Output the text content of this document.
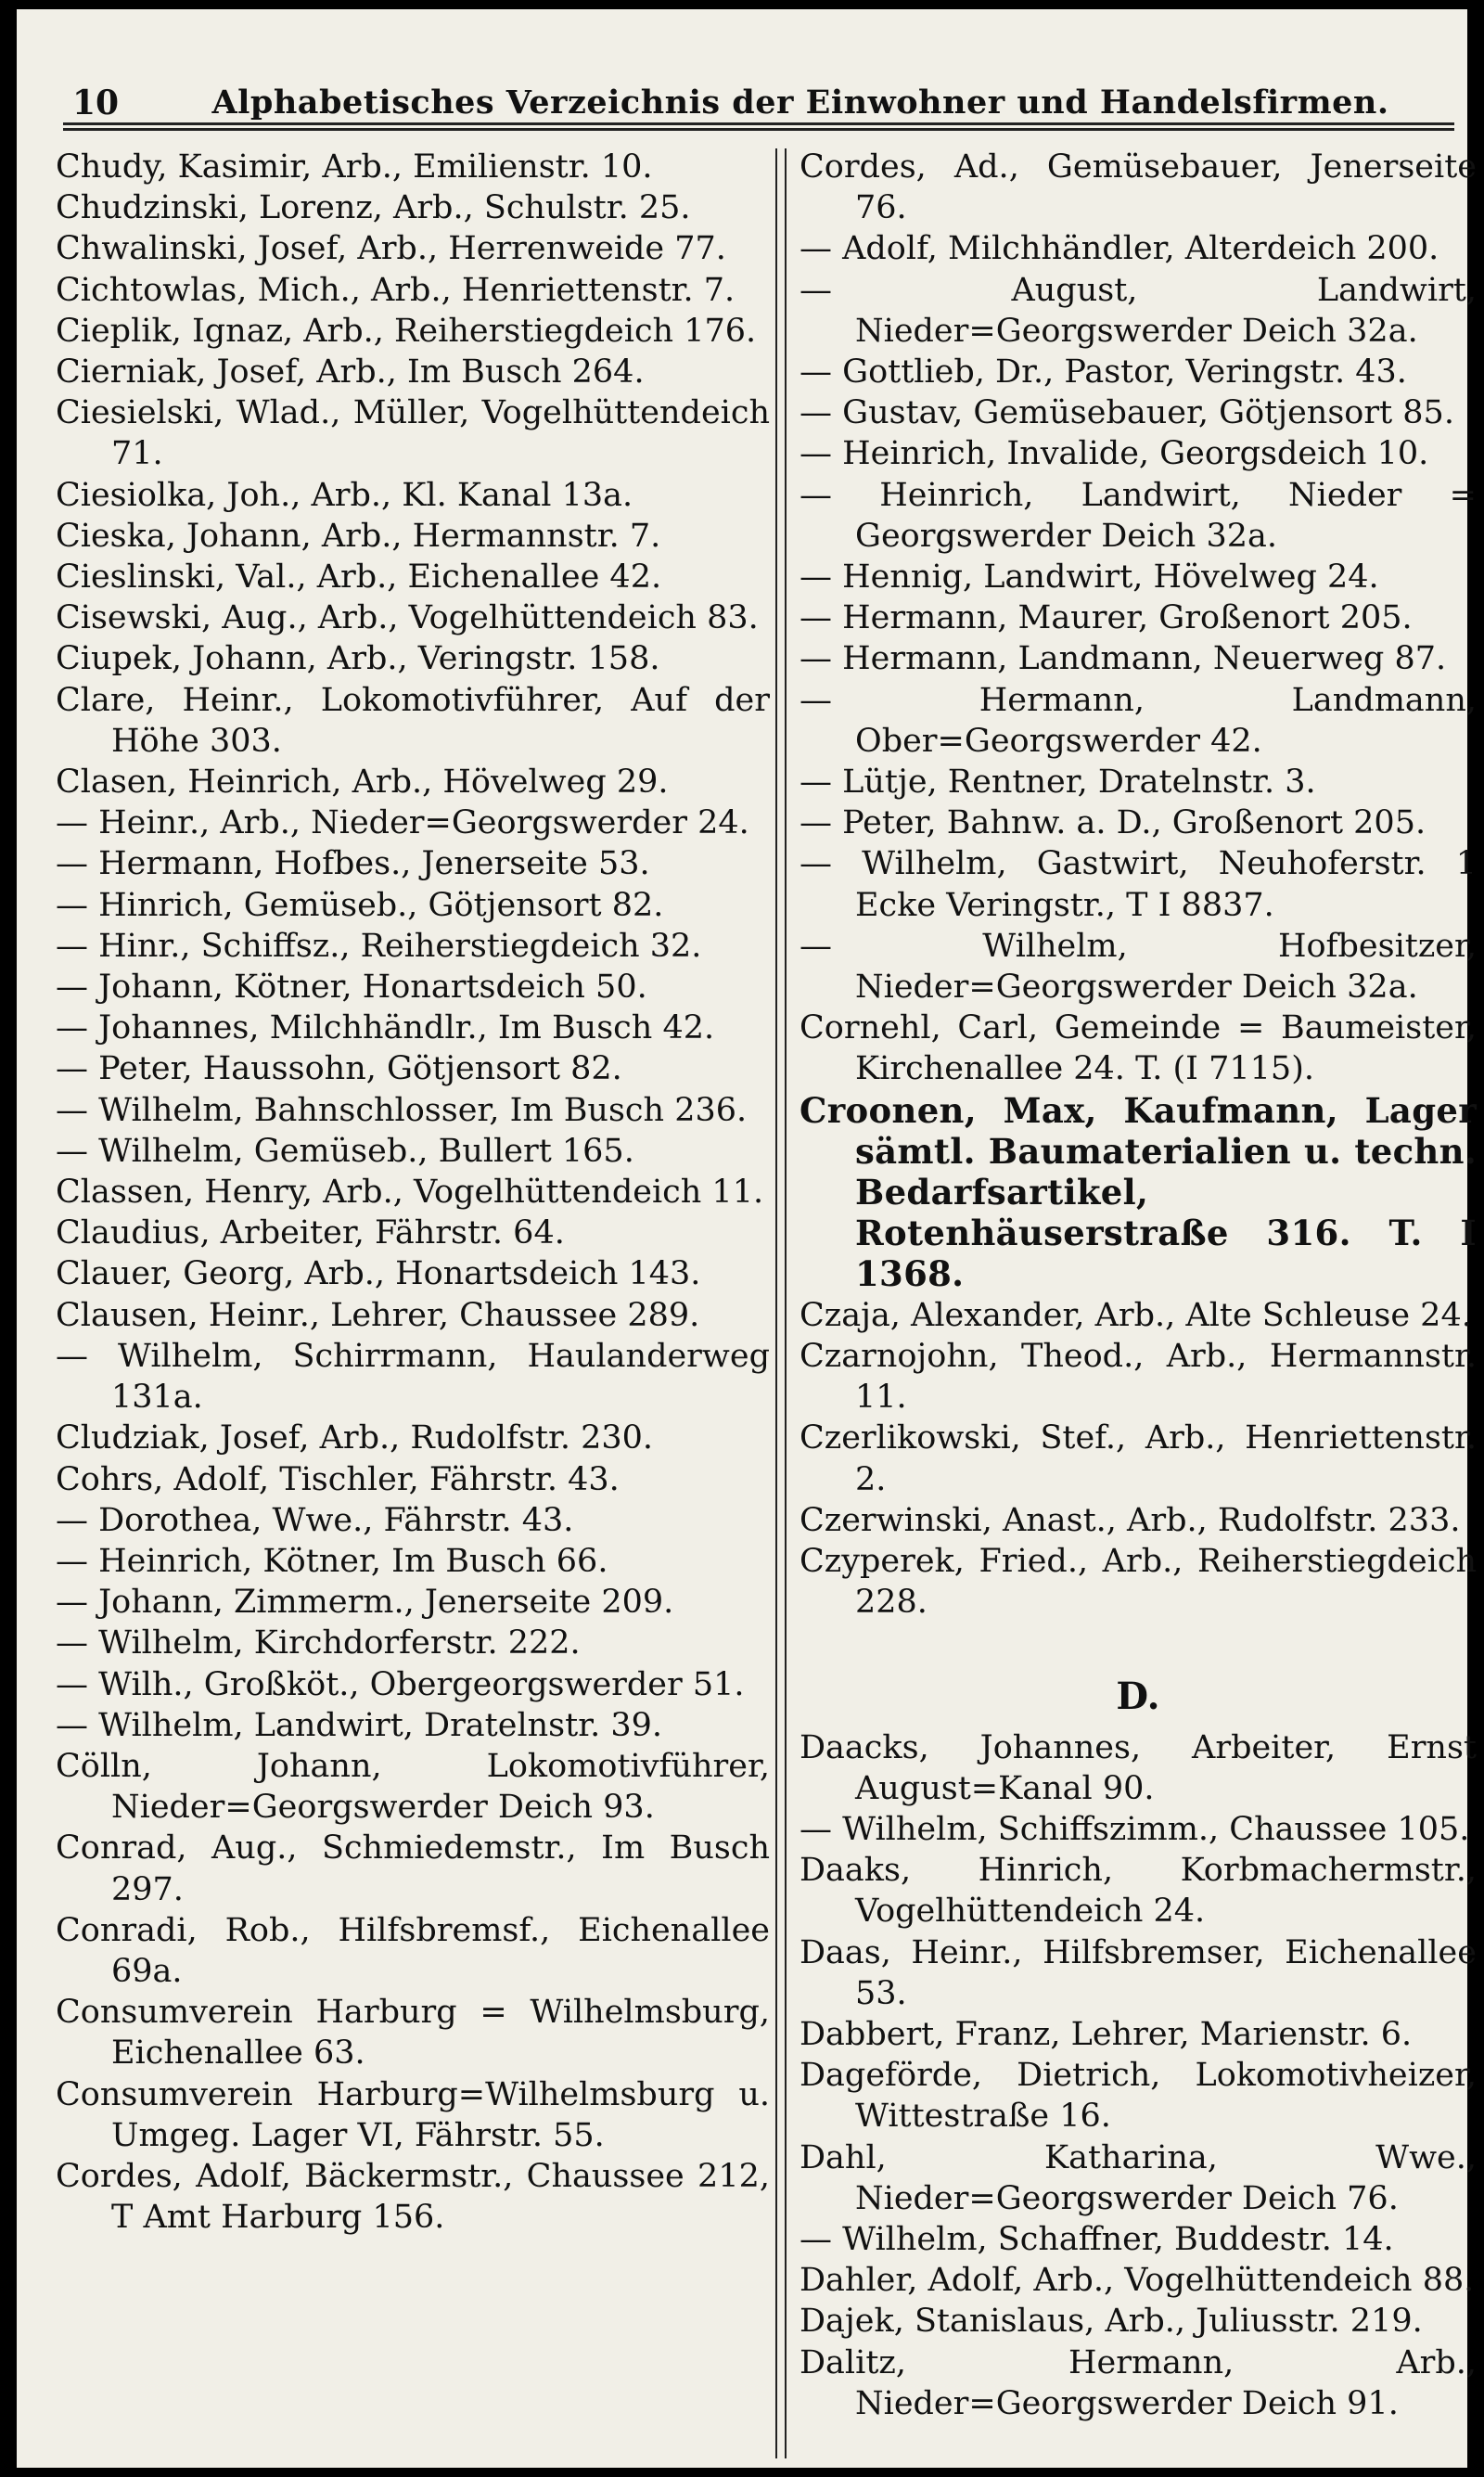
10	Alphabetisches Verzeichnis der Einwohner und Handelsfirmen.

Chudy, Kasimir, Arb., Emilienstr. 10.

Chudzinski, Lorenz, Arb., Schulstr. 25.

Chwalinski, Josef, Arb., Herrenweide 77.

Cichtowlas, Mich., Arb., Henriettenstr. 7.

Cieplik, Ignaz, Arb., Reiherstiegdeich 176.

Cierniak, Josef, Arb., Im Busch 264.

Ciesielski, Wlad., Müller, Vogelhüttendeich 71.

Ciesiolka, Joh., Arb., Kl. Kanal 13a.

Cieska, Johann, Arb., Hermannstr. 7.

Cieslinski, Val., Arb., Eichenallee 42.

Cisewski, Aug., Arb., Vogelhüttendeich 83.

Ciupek, Johann, Arb., Veringstr. 158.

Clare, Heinr., Lokomotivführer, Auf der Höhe 303.

Clasen, Heinrich, Arb., Hövelweg 29.

— Heinr., Arb., Nieder=Georgswerder 24.

— Hermann, Hofbes., Jenerseite 53.

— Hinrich, Gemüseb., Götjensort 82.

— Hinr., Schiffsz., Reiherstiegdeich 32.

— Johann, Kötner, Honartsdeich 50.

— Johannes, Milchhändlr., Im Busch 42.

— Peter, Haussohn, Götjensort 82.

— Wilhelm, Bahnschlosser, Im Busch 236.

— Wilhelm, Gemüseb., Bullert 165.

Classen, Henry, Arb., Vogelhüttendeich 11.

Claudius, Arbeiter, Fährstr. 64.

Clauer, Georg, Arb., Honartsdeich 143.

Clausen, Heinr., Lehrer, Chaussee 289.

— Wilhelm, Schirrmann, Haulanderweg 131a.

Cludziak, Josef, Arb., Rudolfstr. 230.

Cohrs, Adolf, Tischler, Fährstr. 43.

— Dorothea, Wwe., Fährstr. 43.

— Heinrich, Kötner, Im Busch 66.

— Johann, Zimmerm., Jenerseite 209.

— Wilhelm, Kirchdorferstr. 222.

— Wilh., Großköt., Obergeorgswerder 51.

— Wilhelm, Landwirt, Dratelnstr. 39.

Cölln, Johann, Lokomotivführer, Nieder=Georgswerder Deich 93.

Conrad, Aug., Schmiedemstr., Im Busch 297.

Conradi, Rob., Hilfsbremsf., Eichenallee 69a.

Consumverein Harburg = Wilhelmsburg, Eichenallee 63.

Consumverein Harburg=Wilhelmsburg u. Umgeg. Lager VI, Fährstr. 55.

Cordes, Adolf, Bäckermstr., Chaussee 212, T Amt Harburg 156.

Cordes, Ad., Gemüsebauer, Jenerseite 76.

— Adolf, Milchhändler, Alterdeich 200.

— August, Landwirt, Nieder=Georgswerder Deich 32a.

— Gottlieb, Dr., Pastor, Veringstr. 43.

— Gustav, Gemüsebauer, Götjensort 85.

— Heinrich, Invalide, Georgsdeich 10.

— Heinrich, Landwirt, Nieder = Georgswerder Deich 32a.

— Hennig, Landwirt, Hövelweg 24.

— Hermann, Maurer, Großenort 205.

— Hermann, Landmann, Neuerweg 87.

— Hermann, Landmann, Ober=Georgswerder 42.

— Lütje, Rentner, Dratelnstr. 3.

— Peter, Bahnw. a. D., Großenort 205.

— Wilhelm, Gastwirt, Neuhoferstr. 1 Ecke Veringstr., T I 8837.

— Wilhelm, Hofbesitzer, Nieder=Georgswerder Deich 32a.

Cornehl, Carl, Gemeinde = Baumeister, Kirchenallee 24. T. (I 7115).

Croonen, Max, Kaufmann, Lager sämtl. Baumaterialien u. techn. Bedarfsartikel, Rotenhäuserstraße 316. T. I 1368.

Czaja, Alexander, Arb., Alte Schleuse 24.

Czarnojohn, Theod., Arb., Hermannstr. 11.

Czerlikowski, Stef., Arb., Henriettenstr. 2.

Czerwinski, Anast., Arb., Rudolfstr. 233.

Czyperek, Fried., Arb., Reiherstiegdeich 228.

D.

Daacks, Johannes, Arbeiter, Ernst August=Kanal 90.

— Wilhelm, Schiffszimm., Chaussee 105.

Daaks, Hinrich, Korbmachermstr., Vogelhüttendeich 24.

Daas, Heinr., Hilfsbremser, Eichenallee 53.

Dabbert, Franz, Lehrer, Marienstr. 6.

Dageförde, Dietrich, Lokomotivheizer, Wittestraße 16.

Dahl, Katharina, Wwe., Nieder=Georgswerder Deich 76.

— Wilhelm, Schaffner, Buddestr. 14.

Dahler, Adolf, Arb., Vogelhüttendeich 88.

Dajek, Stanislaus, Arb., Juliusstr. 219.

Dalitz, Hermann, Arb., Nieder=Georgswerder Deich 91.
